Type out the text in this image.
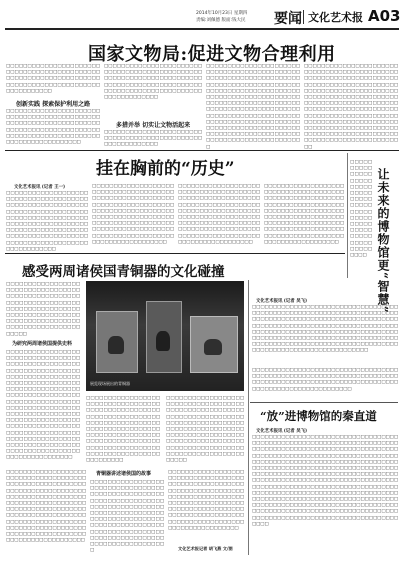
2014年10月23日 星期四
责编:刘佩德 版面:钱大民 要闻 文化艺术报 A03
国家文物局:促进文物合理利用
□□□□□□□□□□□□□□□□□□□□□□□□□□□□□□□□□□□□□□□□□□□□□□□□□□□□□□□□□□□□□□□□□□□□□□□□□□□□□□□□□□□□□□□□□□□□□□□□□□□
创新实践 探索保护利用之路
□□□□□□□□□□□□□□□□□□□□□□□□□□□□□□□□□□□□□□□□□□□□□□□□□□□□□□□□□□□□□□□□□□□□□□□□□□□□□□□□□□□□□□□□□□□□□□□□□□□□□□□□□□□□□□□□□□□□□□□□□□□□□□□□
□□□□□□□□□□□□□□□□□□□□□□□□□□□□□□□□□□□□□□□□□□□□□□□□□□□□□□□□□□□□□□□□□□□□□□□□□□□□□□□□□□□□□□□□□□□□□□□□□□□□□□□□□□□□□□□□□□□□□□□□□□□□□□□□
多措并举 切实让文物活起来
□□□□□□□□□□□□□□□□□□□□□□□□□□□□□□□□□□□□□□□□□□□□□□□□□□□□□□□□□□□
□□□□□□□□□□□□□□□□□□□□□□□□□□□□□□□□□□□□□□□□□□□□□□□□□□□□□□□□□□□□□□□□□□□□□□□□□□□□□□□□□□□□□□□□□□□□□□□□□□□□□□□□□□□□□□□□□□□□□□□□□□□□□□□□□□□□□□□□□□□□□□□□□□□□□□□□□□□□□□□□□□□□□□□□□□□□□□□□□□□□□□□□□□□□□□□□□□□□□□□□□□□□□□□□□□□□□□□□□□□□□□□□□□□□□□□□□□□□□□□□□□□□□□□□□□□□□□□□□□□□□□□□□□□□□□□□□□□□□□□□□□□□□□□
□□□□□□□□□□□□□□□□□□□□□□□□□□□□□□□□□□□□□□□□□□□□□□□□□□□□□□□□□□□□□□□□□□□□□□□□□□□□□□□□□□□□□□□□□□□□□□□□□□□□□□□□□□□□□□□□□□□□□□□□□□□□□□□□□□□□□□□□□□□□□□□□□□□□□□□□□□□□□□□□□□□□□□□□□□□□□□□□□□□□□□□□□□□□□□□□□□□□□□□□□□□□□□□□□□□□□□□□□□□□□□□□□□□□□□□□□□□□□□□□□□□□□□□□□□□□□□□□□□□□□□□□□□□□□□□□□□□□□□□□□□□□□□□□
挂在胸前的“历史”
文化艺术报讯 (记者 王一)
□□□□□□□□□□□□□□□□□□□□□□□□□□□□□□□□□□□□□□□□□□□□□□□□□□□□□□□□□□□□□□□□□□□□□□□□□□□□□□□□□□□□□□□□□□□□□□□□□□□□□□□□□□□□□□□□□□□□□□□□□□□□□□□□□□□□□□□□□□□□□□□□□□□□□□□□□□□□□□□□□□□□□□□□□□□□□□□□□□□□□□□
□□□□□□□□□□□□□□□□□□□□□□□□□□□□□□□□□□□□□□□□□□□□□□□□□□□□□□□□□□□□□□□□□□□□□□□□□□□□□□□□□□□□□□□□□□□□□□□□□□□□□□□□□□□□□□□□□□□□□□□□□□□□□□□□□□□□□□□□□□□□□□□□□□□□□□□□□□□□□□□□□□□□□□□□□□□□□□□□□□□□□□□□□□□□□
□□□□□□□□□□□□□□□□□□□□□□□□□□□□□□□□□□□□□□□□□□□□□□□□□□□□□□□□□□□□□□□□□□□□□□□□□□□□□□□□□□□□□□□□□□□□□□□□□□□□□□□□□□□□□□□□□□□□□□□□□□□□□□□□□□□□□□□□□□□□□□□□□□□□□□□□□□□□□□□□□□□□□□□□□□□□□□□□□□□□□□□□□□□□□
□□□□□□□□□□□□□□□□□□□□□□□□□□□□□□□□□□□□□□□□□□□□□□□□□□□□□□□□□□□□□□□□□□□□□□□□□□□□□□□□□□□□□□□□□□□□□□□□□□□□□□□□□□□□□□□□□□□□□□□□□□□□□□□□□□□□□□□□□□□□□□□□□□□□□□□□□□□□□□□□□□□□□□□□□□□□□□□□□□□□□□□□□□□□□	让未来的博物馆更“智慧”
□□□□□□□□□□□□□□□□□□□□□□□□□□□□□□□□□□□□□□□□□□□□□□□□□□□□□□□□□□□□□□□□□□□□□□□□□□□□□□□
文化艺术报讯 (记者 吴飞)
□□□□□□□□□□□□□□□□□□□□□□□□□□□□□□□□□□□□□□□□□□□□□□□□□□□□□□□□□□□□□□□□□□□□□□□□□□□□□□□□□□□□□□□□□□□□□□□□□□□□□□□□□□□□□□□□□□□□□□□□□□□□□□□□□□□□□□□□□□□□□□□□□□□□□□□□□□□□□□□□□□□□□□□□□□□□□□□□□□□□□□□□□□□□□□□□□□□□□□□□□□□□□□□□□□□□□□□□□□□□□□□□□□□□□□□□□□□□□□□□□□□□□□□□□□□□□□□□□□□□□□□□□□□□□□□□□
□□□□□□□□□□□□□□□□□□□□□□□□□□□□□□□□□□□□□□□□□□□□□□□□□□□□□□□□□□□□□□□□□□□□□□□□□□□□□□□□□□□□□□□□□□□□□□□□□□□□□□□□□□□□□□□□□□□□□□□□□□□□□□□□□
感受两周诸侯国青铜器的文化碰撞
□□□□□□□□□□□□□□□□□□□□□□□□□□□□□□□□□□□□□□□□□□□□□□□□□□□□□□□□□□□□□□□□□□□□□□□□□□□□□□□□□□□□□□□□□□□□□□□□□□□□□□□□□□□□□□□□□□□□□□□□□□□□□□□□□□□□□□□□□□□□□
为研究两周诸侯国提供史料
□□□□□□□□□□□□□□□□□□□□□□□□□□□□□□□□□□□□□□□□□□□□□□□□□□□□□□□□□□□□□□□□□□□□□□□□□□□□□□□□□□□□□□□□□□□□□□□□□□□□□□□□□□□□□□□□□□□□□□□□□□□□□□□□□□□□□□□□□□□□□□□□□□□□□□□□□□□□□□□□□□□□□□□□□□□□□□□□□□□□□□□□□□□□□□□□□□□□□□□□□□□□□□□□□□□□□□□□□□□□□□□□□□□□□□□□□□□□□□□□□□□□□□□□□□□□□□□□□□□□□□□□□□□□□□□□□□□□□□□□□□□□□□□□□□□□□□□□□□□□□□□□□
展览现场展出的青铜器
□□□□□□□□□□□□□□□□□□□□□□□□□□□□□□□□□□□□□□□□□□□□□□□□□□□□□□□□□□□□□□□□□□□□□□□□□□□□□□□□□□□□□□□□□□□□□□□□□□□□□□□□□□□□□□□□□□□□□□□□□□□□□□□□□□□□□□□□□□□□□□□□□□□□□□□□□□□□□□□□□□□□□□□□□□□□□□□□□□□
□□□□□□□□□□□□□□□□□□□□□□□□□□□□□□□□□□□□□□□□□□□□□□□□□□□□□□□□□□□□□□□□□□□□□□□□□□□□□□□□□□□□□□□□□□□□□□□□□□□□□□□□□□□□□□□□□□□□□□□□□□□□□□□□□□□□□□□□□□□□□□□□□□□□□□□□□□□□□□□□□□□□□□□□□□□□□□□□□□□□□□□□□
青铜器讲述诸侯国的故事
□□□□□□□□□□□□□□□□□□□□□□□□□□□□□□□□□□□□□□□□□□□□□□□□□□□□□□□□□□□□□□□□□□□□□□□□□□□□□□□□□□□□□□□□□□□□□□□□□□□□□□□□□□□□□□□□□□□□□□□□□□□□□□□□□□□□□□□□□□□□□□□□□□□□□□□□□□□□□□□□□□□□□□□□□□□□□□□□□□□□□□□□□□□□□□□□□□□□□□□□□□□□□□□□□□□□□□□□□□□□□□□□□□□□
□□□□□□□□□□□□□□□□□□□□□□□□□□□□□□□□□□□□□□□□□□□□□□□□□□□□□□□□□□□□□□□□□□□□□□□□□□□□□□□□□□□□□□□□□□□□□□□□□□□□□□□□□□□□□□□□□□□□□□□□□□□□□□□□□□□□□□□□□□□□□□□□□□□□□□□□□□□□□□□□□□□□□□□□□□□□□□□□□□□□□□□□□□□□
□□□□□□□□□□□□□□□□□□□□□□□□□□□□□□□□□□□□□□□□□□□□□□□□□□□□□□□□□□□□□□□□□□□□□□□□□□□□□□□□□□□□□□□□□□□□□□□□□□□□□□□□□□□□□□□□□□□□□□□□□□□□□□□□□□□□□□□□□□□□□□□□□□□□□□□□□□□□□□□□□□□□□□□□□□□□□□□□□□□
文化艺术报记者 胡飞燕 文/图
“放”进博物馆的秦直道
文化艺术报讯 (记者 吴飞)
□□□□□□□□□□□□□□□□□□□□□□□□□□□□□□□□□□□□□□□□□□□□□□□□□□□□□□□□□□□□□□□□□□□□□□□□□□□□□□□□□□□□□□□□□□□□□□□□□□□□□□□□□□□□□□□□□□□□□□□□□□□□□□□□□□□□□□□□□□□□□□□□□□□□□□□□□□□□□□□□□□□□□□□□□□□□□□□□□□□□□□□□□□□□□□□□□□□□□□□□□□□□□□□□□□□□□□□□□□□□□□□□□□□□□□□□□□□□□□□□□□□□□□□□□□□□□□□□□□□□□□□□□□□□□□□□□□□□□□□□□□□□□□□□□□□□□□□□□□□□□□□□□□□□□□□□□□□□□□□□□□□□□□□□□□□□□□□□□□□□□□□□□□□□□□□□□□□□□□□□□□□□□□□□□□□□□□□□□□□□□□□□□□□□□□□□□□□□□□□□□□□□□□□□□□□□□□□□□□□□□□□□□□□□□□□□□□□□□□□□□□□□□□□□□□□□□□□□□□□□□□□□□□□□□□□□□□□□□□□□□□□□□□□□□□□□□□
